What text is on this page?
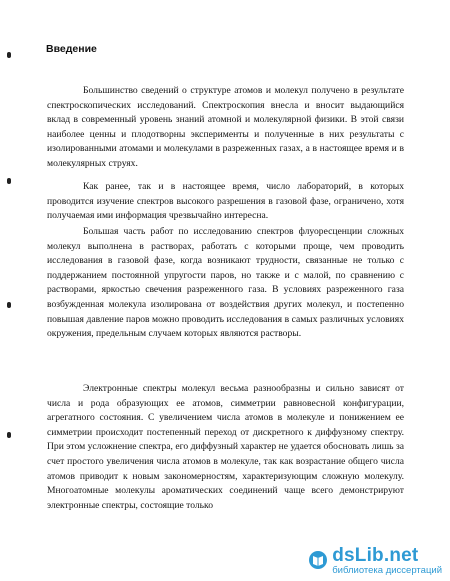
Введение

Большинство сведений о структуре атомов и молекул получено в результате спектроскопических исследований. Спектроскопия внесла и вносит выдающийся вклад в современный уровень знаний атомной и молекулярной физики. В этой связи наиболее ценны и плодотворны эксперименты и полученные в них результаты с изолированными атомами и молекулами в разреженных газах, а в настоящее время и в молекулярных струях.

Как ранее, так и в настоящее время, число лабораторий, в которых проводится изучение спектров высокого разрешения в газовой фазе, ограничено, хотя получаемая ими информация чрезвычайно интересна.

Большая часть работ по исследованию спектров флуоресценции сложных молекул выполнена в растворах, работать с которыми проще, чем проводить исследования в газовой фазе, когда возникают трудности, связанные не только с поддержанием постоянной упругости паров, но также и с малой, по сравнению с растворами, яркостью свечения разреженного газа. В условиях разреженного газа возбужденная молекула изолирована от воздействия других молекул, и постепенно повышая давление паров можно проводить исследования в самых различных условиях окружения, предельным случаем которых являются растворы.

Электронные спектры молекул весьма разнообразны и сильно зависят от числа и рода образующих ее атомов, симметрии равновесной конфигурации, агрегатного состояния. С увеличением числа атомов в молекуле и понижением ее симметрии происходит постепенный переход от дискретного к диффузному спектру. При этом усложнение спектра, его диффузный характер не удается обосновать лишь за счет простого увеличения числа атомов в молекуле, так как возрастание общего числа атомов приводит к новым закономерностям, характеризующим сложную молекулу. Многоатомные молекулы ароматических соединений чаще всего демонстрируют электронные спектры, состоящие только

dsLib.net
библиотека диссертаций
